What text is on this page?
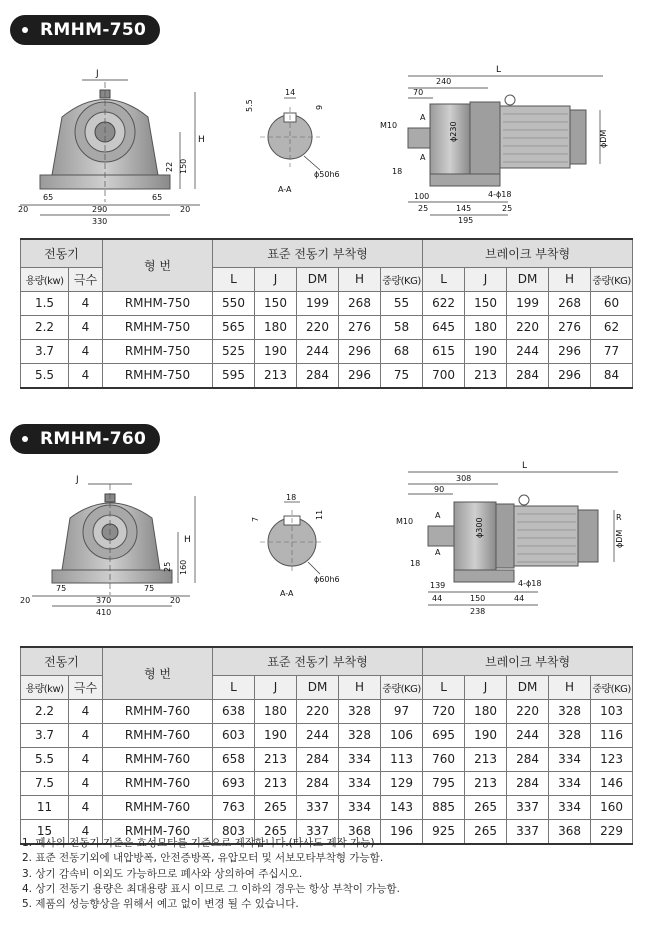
RMHM-750
J
H
22 150
65	65
20	290	20
330
5.5
14
9
ϕ50h6
A-A
L
240
70
M10
A
A
ϕ230	ϕDM
18
100	4-ϕ18
25	145	25
195
전동기		형 번	표준 전동기 부착형					브레이크 부착형				
용량(kw)	극수		L	J	DM	H	중량(KG)	L	J	DM	H	중량(KG)
1.5	4	RMHM-750	550	150	199	268	55	622	150	199	268	60
2.2	4	RMHM-750	565	180	220	276	58	645	180	220	276	62
3.7	4	RMHM-750	525	190	244	296	68	615	190	244	296	77
5.5	4	RMHM-750	595	213	284	296	75	700	213	284	296	84
RMHM-760
J
H
25 160
75	75
20	370	20
410
18
7	11
ϕ60h6
A-A
L
308
90
M10
A
A
ϕ300	R
ϕDM
18
139	4-ϕ18
44	150	44
238
전동기		형 번	표준 전동기 부착형					브레이크 부착형				
용량(kw)	극수		L	J	DM	H	중량(KG)	L	J	DM	H	중량(KG)
2.2	4	RMHM-760	638	180	220	328	97	720	180	220	328	103
3.7	4	RMHM-760	603	190	244	328	106	695	190	244	328	116
5.5	4	RMHM-760	658	213	284	334	113	760	213	284	334	123
7.5	4	RMHM-760	693	213	284	334	129	795	213	284	334	146
11	4	RMHM-760	763	265	337	334	143	885	265	337	334	160
15	4	RMHM-760	803	265	337	368	196	925	265	337	368	229
1. 폐사의 전동기 기준은 효성모타를 기준으로 제작합니다.(타사도 제작 가능)
2. 표준 전동기외에 내압방폭, 안전증방폭, 유압모터 및 서보모타부착형 가능함.
3. 상기 감속비 이외도 가능하므로 폐사와 상의하여 주십시오.
4. 상기 전동기 용량은 최대용량 표시 이므로 그 이하의 경우는 항상 부착이 가능함.
5. 제품의 성능향상을 위해서 예고 없이 변경 될 수 있습니다.
